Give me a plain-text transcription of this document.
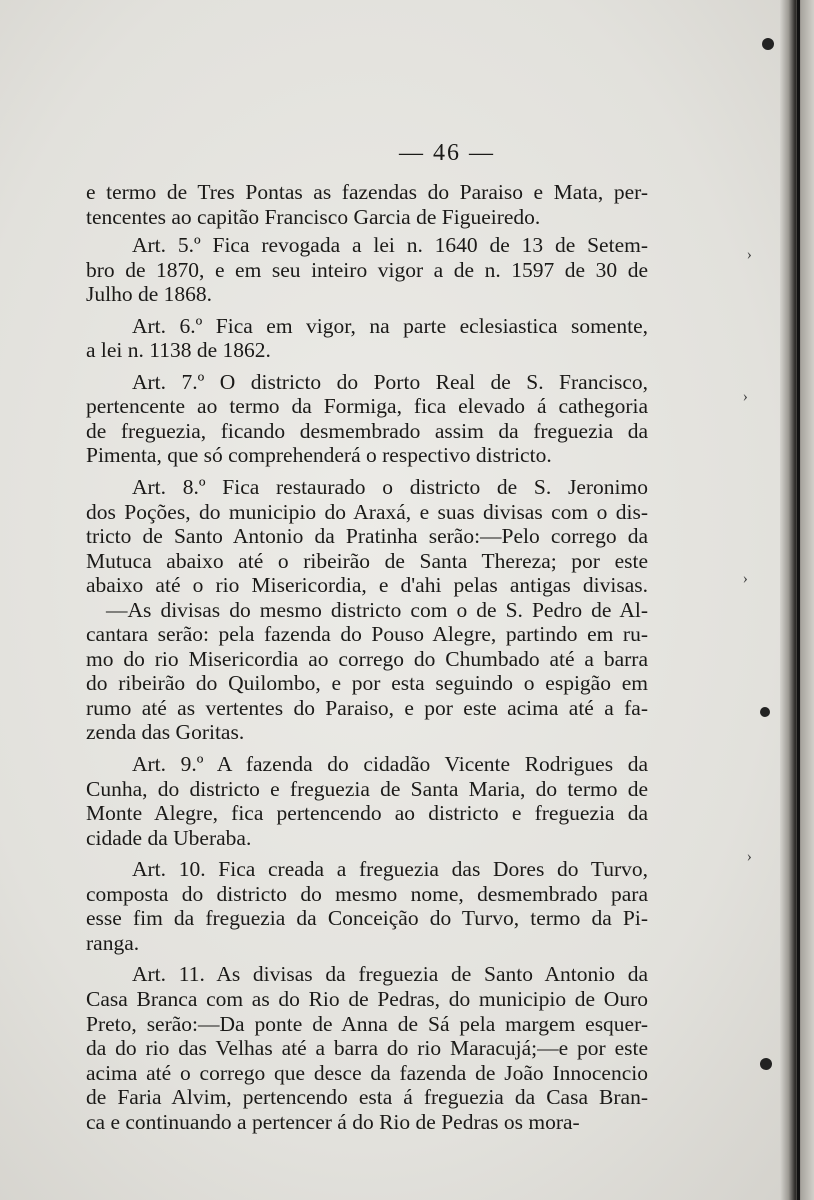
›
›
›
›
— 46 —
e termo de Tres Pontas as fazendas do Paraiso e Mata, per-
tencentes ao capitão Francisco Garcia de Figueiredo.
Art. 5.º Fica revogada a lei n. 1640 de 13 de Setem-
bro de 1870, e em seu inteiro vigor a de n. 1597 de 30 de
Julho de 1868.
Art. 6.º Fica em vigor, na parte eclesiastica somente,
a lei n. 1138 de 1862.
Art. 7.º O districto do Porto Real de S. Francisco,
pertencente ao termo da Formiga, fica elevado á cathegoria
de freguezia, ficando desmembrado assim da freguezia da
Pimenta, que só comprehenderá o respectivo districto.
Art. 8.º Fica restaurado o districto de S. Jeronimo
dos Poções, do municipio do Araxá, e suas divisas com o dis-
tricto de Santo Antonio da Pratinha serão:—Pelo corrego da
Mutuca abaixo até o ribeirão de Santa Thereza; por este
abaixo até o rio Misericordia, e d'ahi pelas antigas divisas.
—As divisas do mesmo districto com o de S. Pedro de Al-
cantara serão: pela fazenda do Pouso Alegre, partindo em ru-
mo do rio Misericordia ao corrego do Chumbado até a barra
do ribeirão do Quilombo, e por esta seguindo o espigão em
rumo até as vertentes do Paraiso, e por este acima até a fa-
zenda das Goritas.
Art. 9.º A fazenda do cidadão Vicente Rodrigues da
Cunha, do districto e freguezia de Santa Maria, do termo de
Monte Alegre, fica pertencendo ao districto e freguezia da
cidade da Uberaba.
Art. 10. Fica creada a freguezia das Dores do Turvo,
composta do districto do mesmo nome, desmembrado para
esse fim da freguezia da Conceição do Turvo, termo da Pi-
ranga.
Art. 11. As divisas da freguezia de Santo Antonio da
Casa Branca com as do Rio de Pedras, do municipio de Ouro
Preto, serão:—Da ponte de Anna de Sá pela margem esquer-
da do rio das Velhas até a barra do rio Maracujá;—e por este
acima até o corrego que desce da fazenda de João Innocencio
de Faria Alvim, pertencendo esta á freguezia da Casa Bran-
ca e continuando a pertencer á do Rio de Pedras os mora-
